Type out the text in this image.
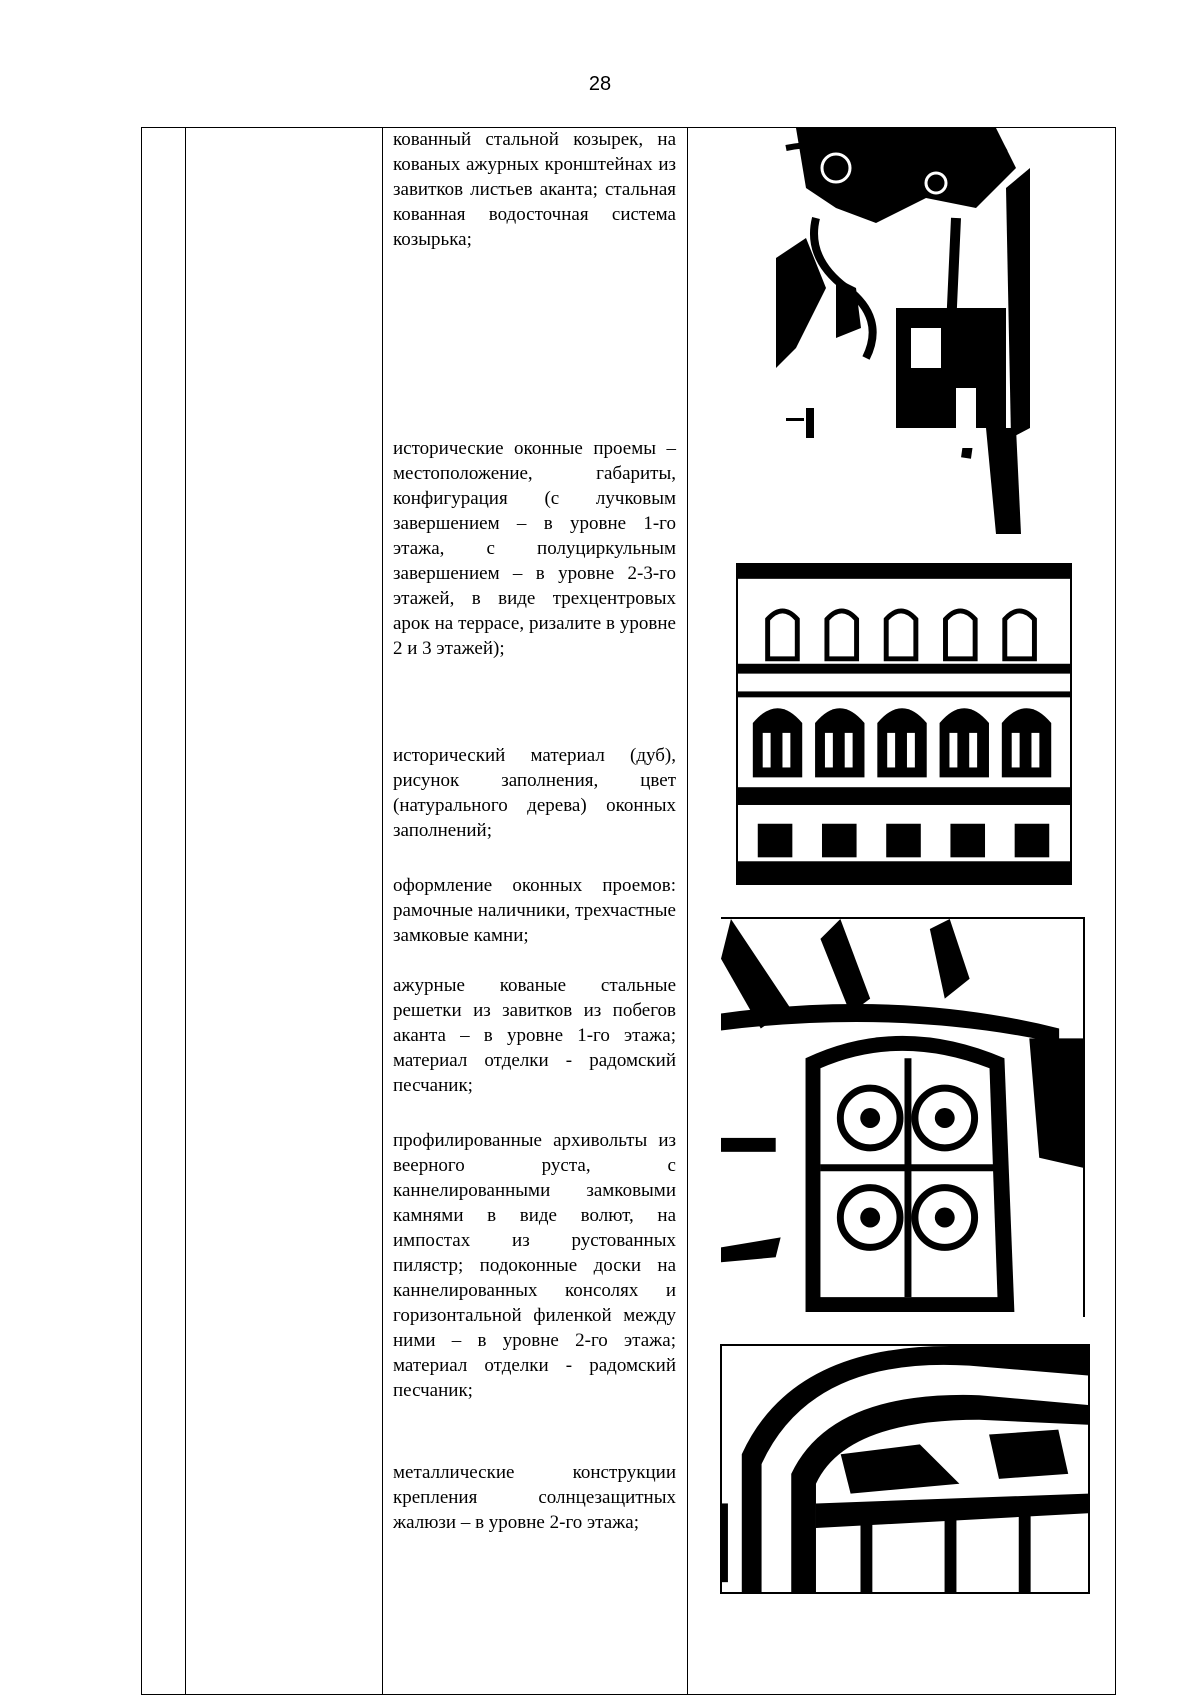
28

кованный стальной козырек, на кованых ажурных кронштейнах из завитков листьев аканта; стальная кованная водосточная система козырька;

исторические оконные проемы – местоположение, габариты, конфигурация (с лучковым завершением – в уровне 1-го этажа, с полуциркульным завершением – в уровне 2-3-го этажей, в виде трехцентровых арок на террасе, ризалите в уровне 2 и 3 этажей);

исторический материал (дуб), рисунок заполнения, цвет (натурального дерева) оконных заполнений;

оформление оконных проемов: рамочные наличники, трехчастные замковые камни;

ажурные кованые стальные решетки из завитков из побегов аканта – в уровне 1-го этажа; материал отделки - радомский песчаник;

профилированные архивольты из веерного руста, с каннелированными замковыми камнями в виде волют, на импостах из рустованных пилястр; подоконные доски на каннелированных консолях и горизонтальной филенкой между ними – в уровне 2-го этажа; материал отделки - радомский песчаник;

металлические конструкции крепления солнцезащитных жалюзи – в уровне 2-го этажа;
